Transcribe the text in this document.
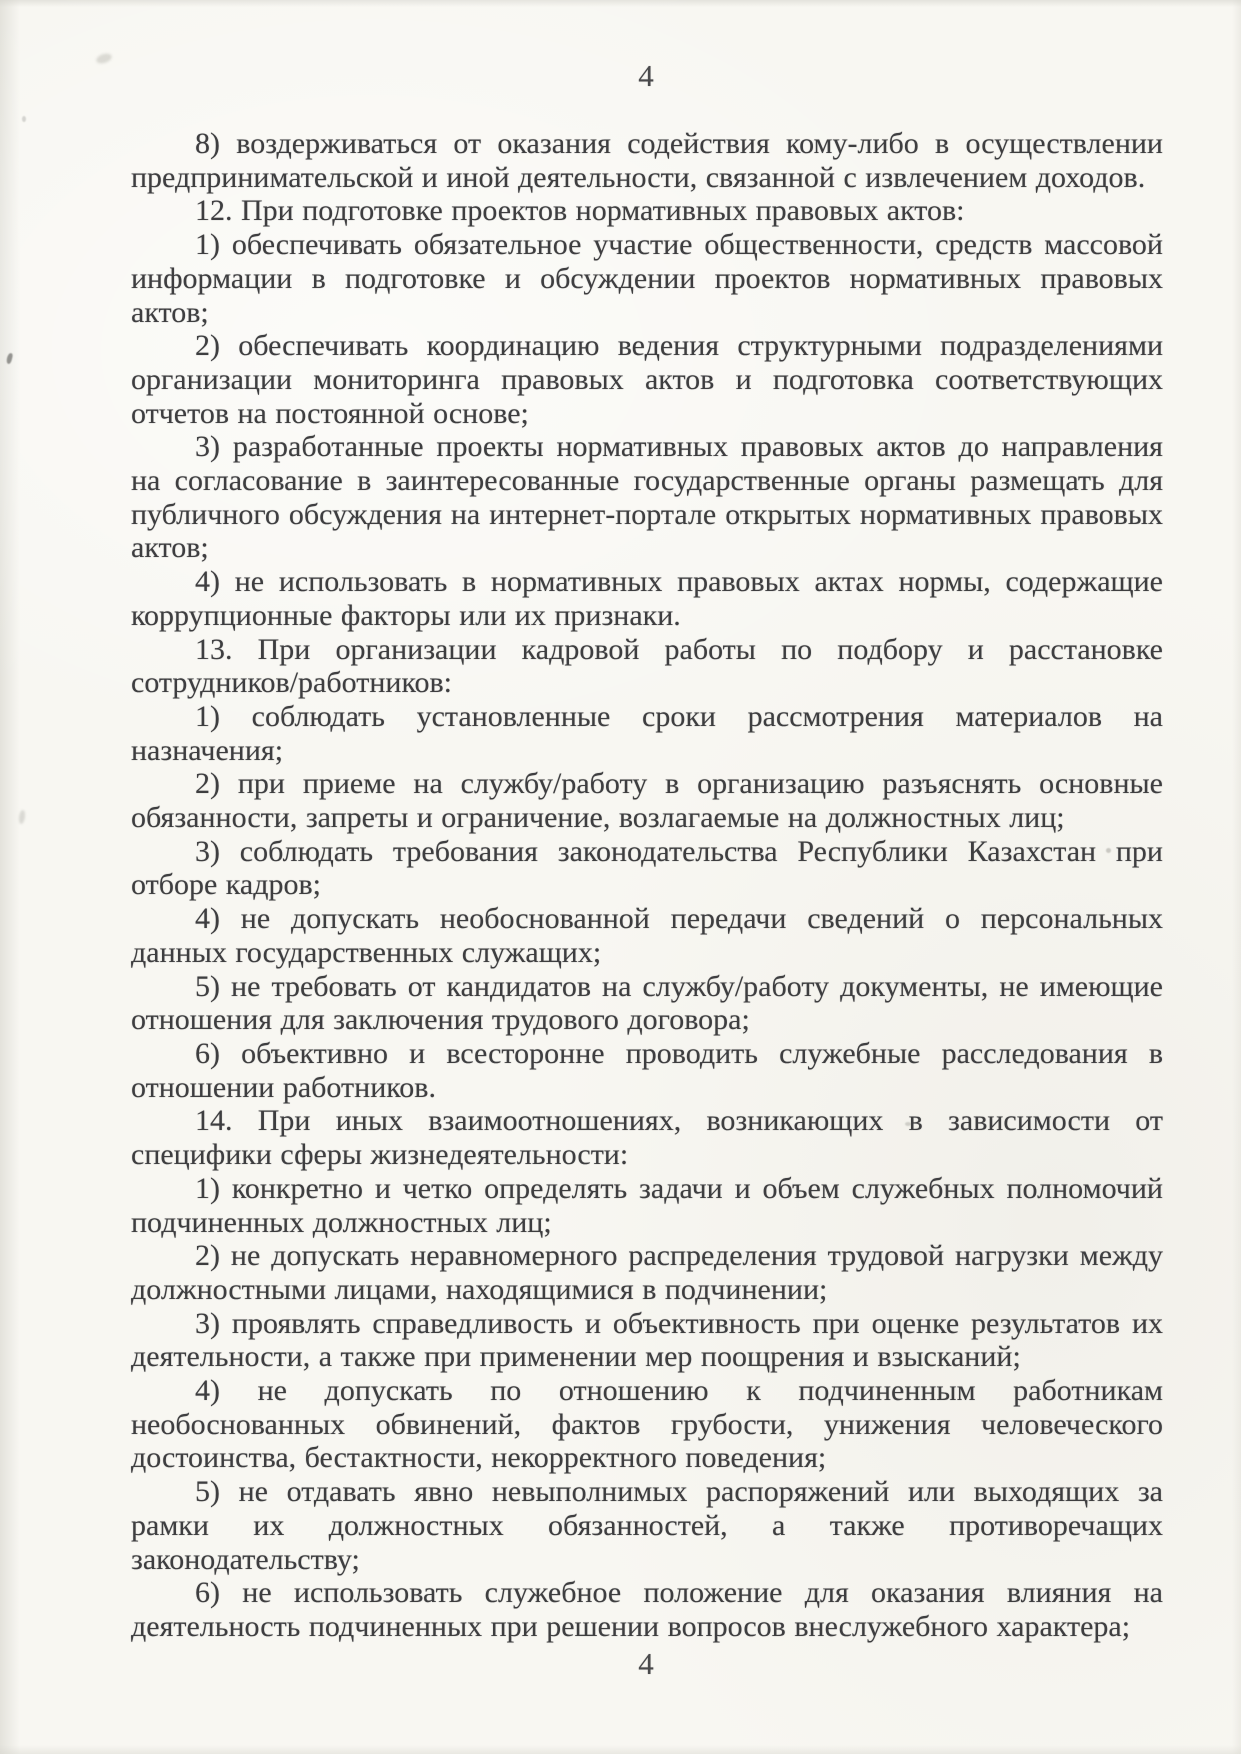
4

8) воздерживаться от оказания содействия кому-либо в осуществлении предпринимательской и иной деятельности, связанной с извлечением доходов.

12. При подготовке проектов нормативных правовых актов:

1) обеспечивать обязательное участие общественности, средств массовой информации в подготовке и обсуждении проектов нормативных правовых актов;

2) обеспечивать координацию ведения структурными подразделениями организации мониторинга правовых актов и подготовка соответствующих отчетов на постоянной основе;

3) разработанные проекты нормативных правовых актов до направления на согласование в заинтересованные государственные органы размещать для публичного обсуждения на интернет-портале открытых нормативных правовых актов;

4) не использовать в нормативных правовых актах нормы, содержащие коррупционные факторы или их признаки.

13. При организации кадровой работы по подбору и расстановке сотрудников/работников:

1) соблюдать установленные сроки рассмотрения материалов на назначения;

2) при приеме на службу/работу в организацию разъяснять основные обязанности, запреты и ограничение, возлагаемые на должностных лиц;

3) соблюдать требования законодательства Республики Казахстан при отборе кадров;

4) не допускать необоснованной передачи сведений о персональных данных государственных служащих;

5) не требовать от кандидатов на службу/работу документы, не имеющие отношения для заключения трудового договора;

6) объективно и всесторонне проводить служебные расследования в отношении работников.

14. При иных взаимоотношениях, возникающих в зависимости от специфики сферы жизнедеятельности:

1) конкретно и четко определять задачи и объем служебных полномочий подчиненных должностных лиц;

2) не допускать неравномерного распределения трудовой нагрузки между должностными лицами, находящимися в подчинении;

3) проявлять справедливость и объективность при оценке результатов их деятельности, а также при применении мер поощрения и взысканий;

4) не допускать по отношению к подчиненным работникам необоснованных обвинений, фактов грубости, унижения человеческого достоинства, бестактности, некорректного поведения;

5) не отдавать явно невыполнимых распоряжений или выходящих за рамки их должностных обязанностей, а также противоречащих законодательству;

6) не использовать служебное положение для оказания влияния на деятельность подчиненных при решении вопросов внеслужебного характера;

4
